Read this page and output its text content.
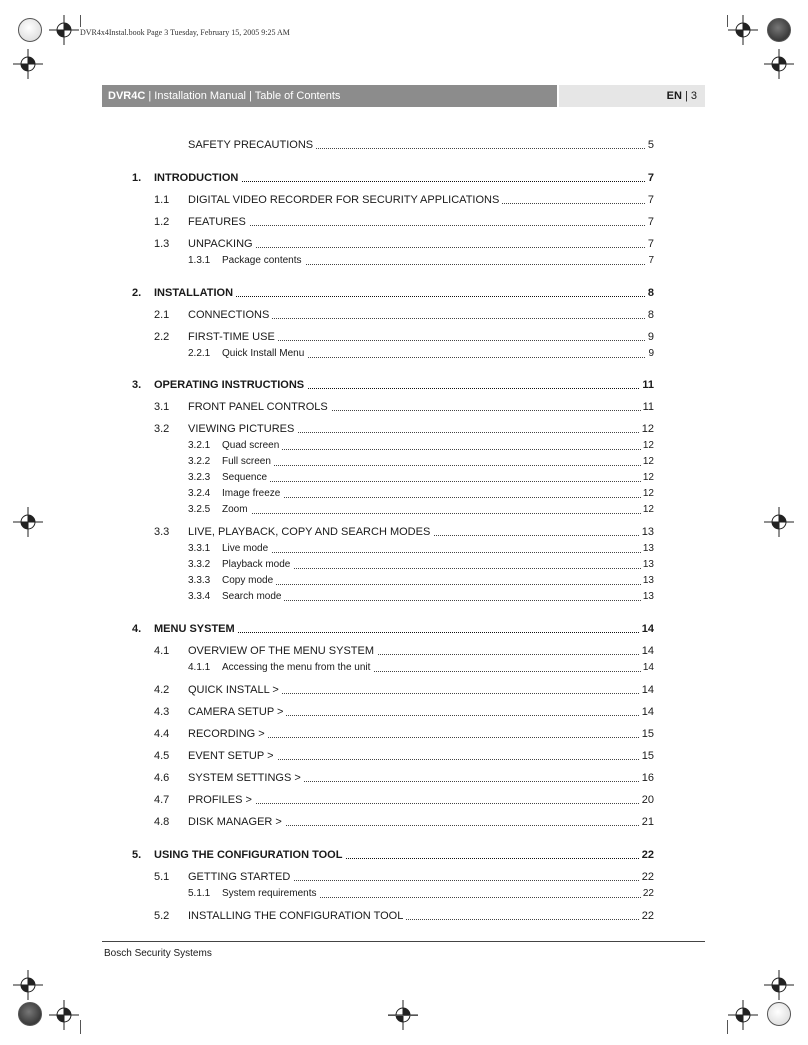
DVR4x4Instal.book Page 3 Tuesday, February 15, 2005 9:25 AM
DVR4C | Installation Manual | Table of Contents	EN | 3
SAFETY PRECAUTIONS	5
1. INTRODUCTION	7
1.1 DIGITAL VIDEO RECORDER FOR SECURITY APPLICATIONS	7
1.2 FEATURES	7
1.3 UNPACKING	7
1.3.1 Package contents	7
2. INSTALLATION	8
2.1 CONNECTIONS	8
2.2 FIRST-TIME USE	9
2.2.1 Quick Install Menu	9
3. OPERATING INSTRUCTIONS	11
3.1 FRONT PANEL CONTROLS	11
3.2 VIEWING PICTURES	12
3.2.1 Quad screen	12
3.2.2 Full screen	12
3.2.3 Sequence	12
3.2.4 Image freeze	12
3.2.5 Zoom	12
3.3 LIVE, PLAYBACK, COPY AND SEARCH MODES	13
3.3.1 Live mode	13
3.3.2 Playback mode	13
3.3.3 Copy mode	13
3.3.4 Search mode	13
4. MENU SYSTEM	14
4.1 OVERVIEW OF THE MENU SYSTEM	14
4.1.1 Accessing the menu from the unit	14
4.2 QUICK INSTALL >	14
4.3 CAMERA SETUP >	14
4.4 RECORDING >	15
4.5 EVENT SETUP >	15
4.6 SYSTEM SETTINGS >	16
4.7 PROFILES >	20
4.8 DISK MANAGER >	21
5. USING THE CONFIGURATION TOOL	22
5.1 GETTING STARTED	22
5.1.1 System requirements	22
5.2 INSTALLING THE CONFIGURATION TOOL	22
Bosch Security Systems
